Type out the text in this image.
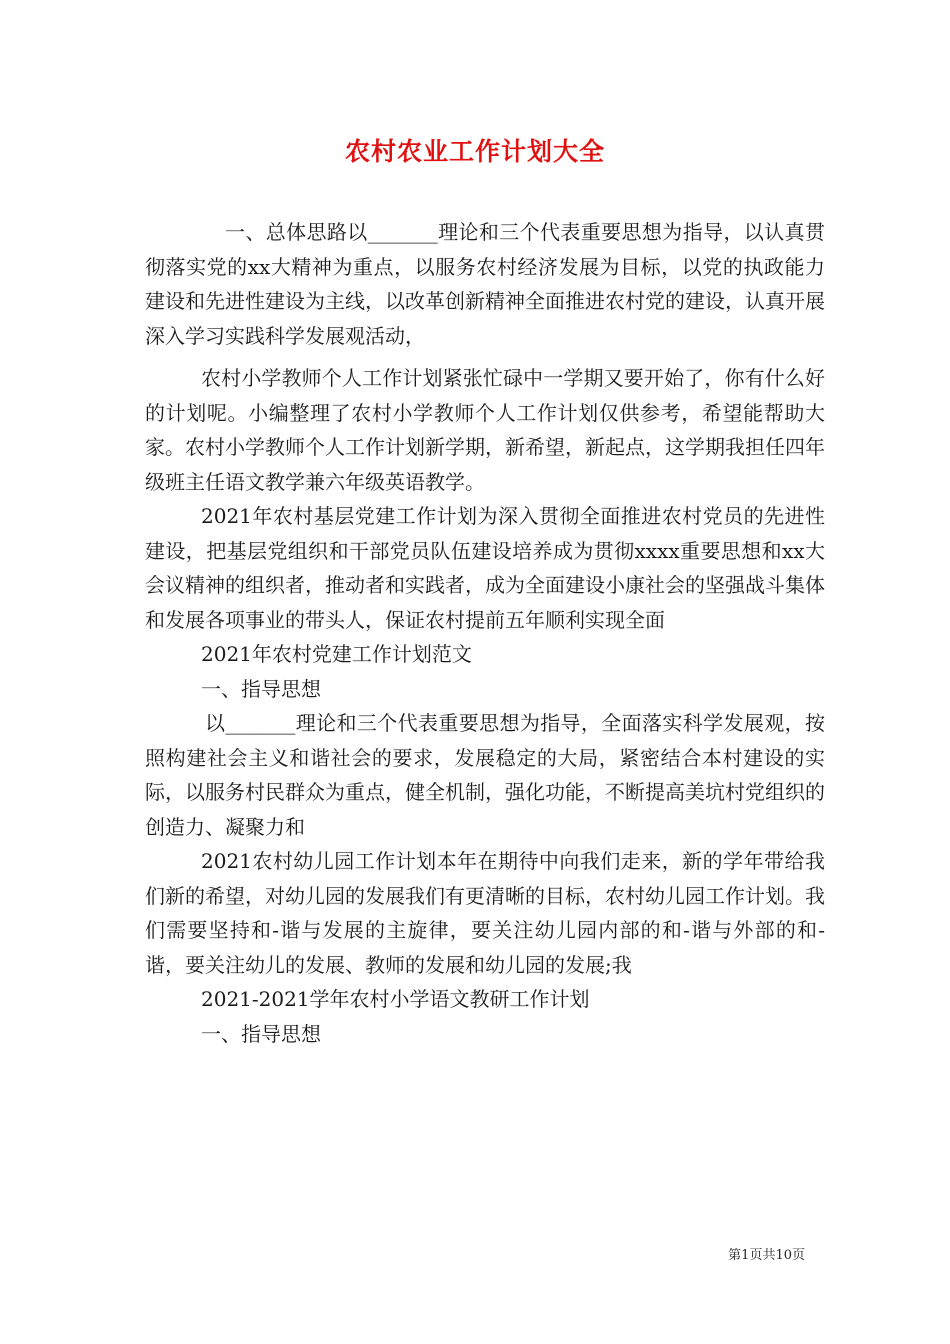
农村农业工作计划大全

一、总体思路以_______理论和三个代表重要思想为指导，以认真贯彻落实党的xx大精神为重点，以服务农村经济发展为目标，以党的执政能力建设和先进性建设为主线，以改革创新精神全面推进农村党的建设，认真开展深入学习实践科学发展观活动，

农村小学教师个人工作计划紧张忙碌中一学期又要开始了，你有什么好的计划呢。小编整理了农村小学教师个人工作计划仅供参考，希望能帮助大家。农村小学教师个人工作计划新学期，新希望，新起点，这学期我担任四年级班主任语文教学兼六年级英语教学。

2021年农村基层党建工作计划为深入贯彻全面推进农村党员的先进性建设，把基层党组织和干部党员队伍建设培养成为贯彻xxxx重要思想和xx大会议精神的组织者，推动者和实践者，成为全面建设小康社会的坚强战斗集体和发展各项事业的带头人，保证农村提前五年顺利实现全面

2021年农村党建工作计划范文

一、指导思想

以_______理论和三个代表重要思想为指导，全面落实科学发展观，按照构建社会主义和谐社会的要求，发展稳定的大局，紧密结合本村建设的实际，以服务村民群众为重点，健全机制，强化功能，不断提高美坑村党组织的创造力、凝聚力和

2021农村幼儿园工作计划本年在期待中向我们走来，新的学年带给我们新的希望，对幼儿园的发展我们有更清晰的目标，农村幼儿园工作计划。我们需要坚持和-谐与发展的主旋律，要关注幼儿园内部的和-谐与外部的和-谐，要关注幼儿的发展、教师的发展和幼儿园的发展;我

2021-2021学年农村小学语文教研工作计划

一、指导思想

第1页共10页
